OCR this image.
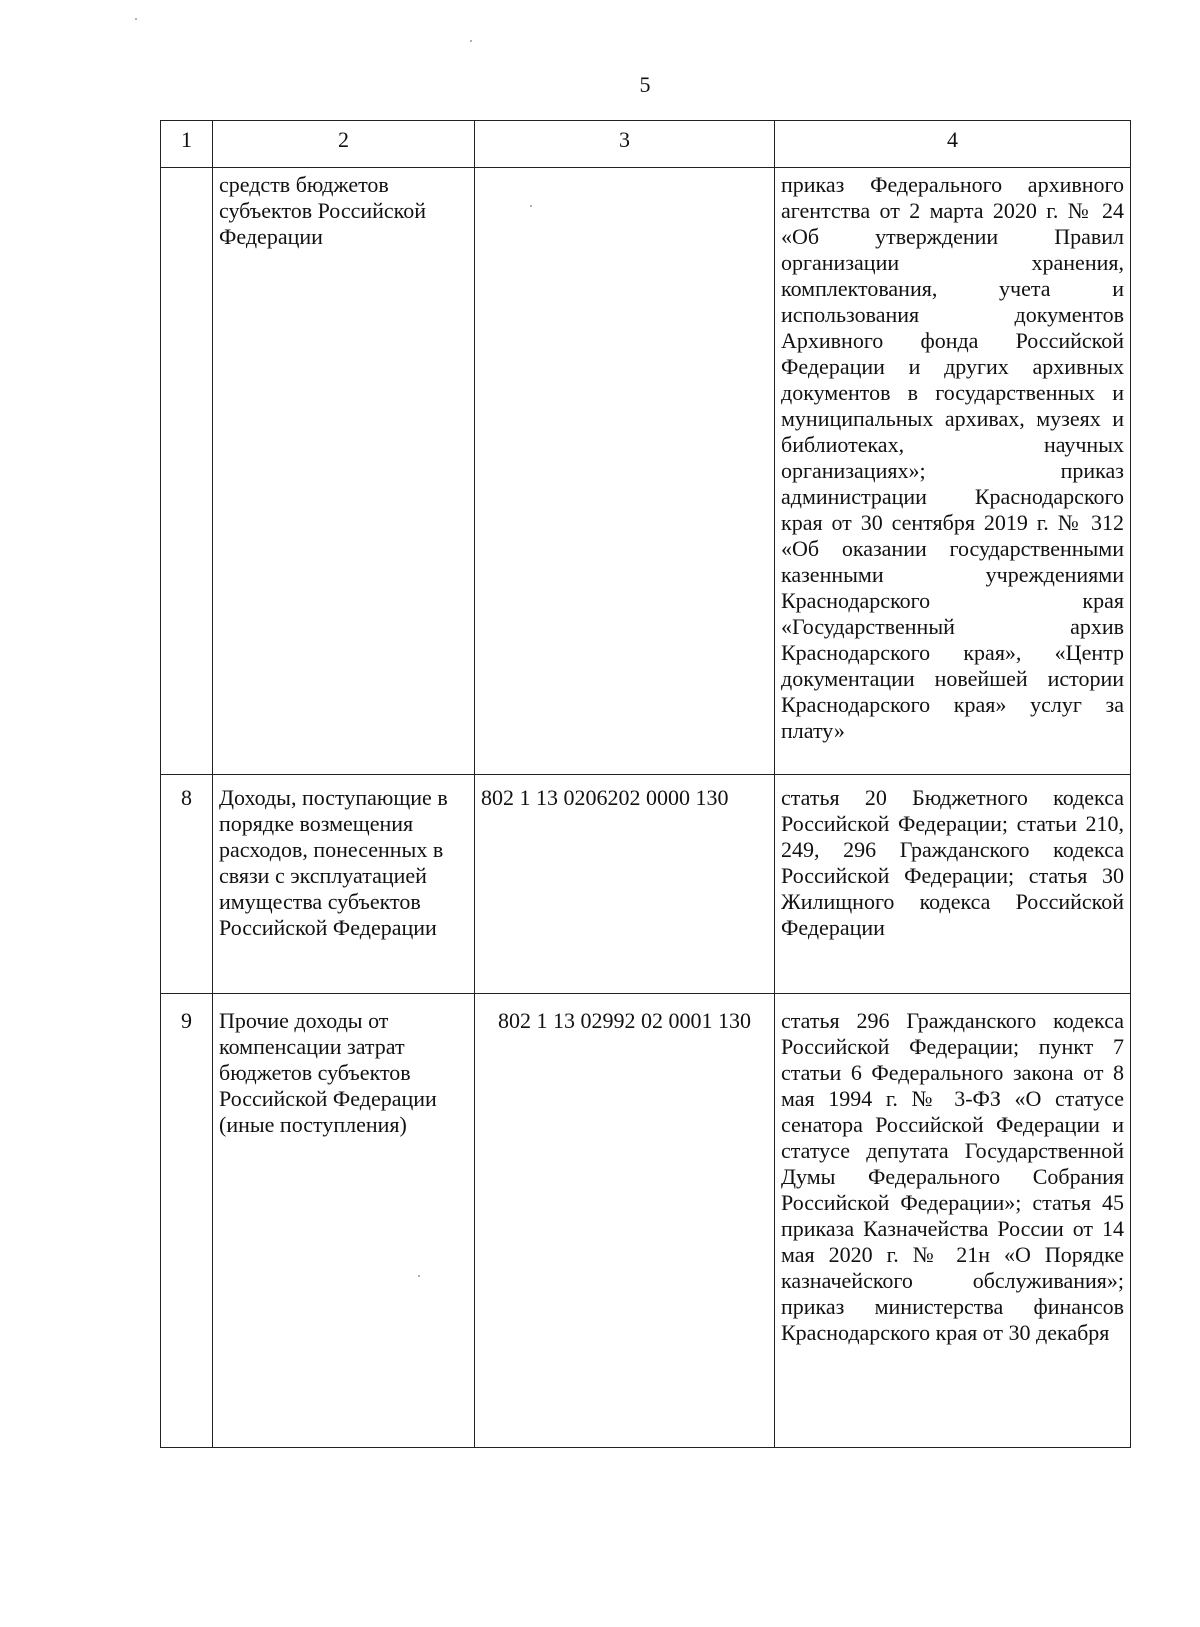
5
1	2	3	4
	средств бюджетов субъектов Российской Федерации		приказ Федерального архивного агентства от 2 марта 2020 г. № 24 «Об утверждении Правил организации хранения, комплектования, учета и использования документов Архивного фонда Российской Федерации и других архивных документов в государственных и муниципальных архивах, музеях и библиотеках, научных организациях»; приказ администрации Краснодарского края от 30 сентября 2019 г. № 312 «Об оказании государственными казенными учреждениями Краснодарского края «Государственный архив Краснодарского края», «Центр документации новейшей истории Краснодарского края» услуг за плату»
8	Доходы, поступающие в порядке возмещения расходов, понесенных в связи с эксплуатацией имущества субъектов Российской Федерации	802 1 13 0206202 0000 130	статья 20 Бюджетного кодекса Российской Федерации; статьи 210, 249, 296 Гражданского кодекса Российской Федерации; статья 30 Жилищного кодекса Российской Федерации
9	Прочие доходы от компенсации затрат бюджетов субъектов Российской Федерации (иные поступления)	802 1 13 02992 02 0001 130	статья 296 Гражданского кодекса Российской Федерации; пункт 7 статьи 6 Федерального закона от 8 мая 1994 г. № 3-ФЗ «О статусе сенатора Российской Федерации и статусе депутата Государственной Думы Федерального Собрания Российской Федерации»; статья 45 приказа Казначейства России от 14 мая 2020 г. № 21н «О Порядке казначейского обслуживания»; приказ министерства финансов Краснодарского края от 30 декабря
